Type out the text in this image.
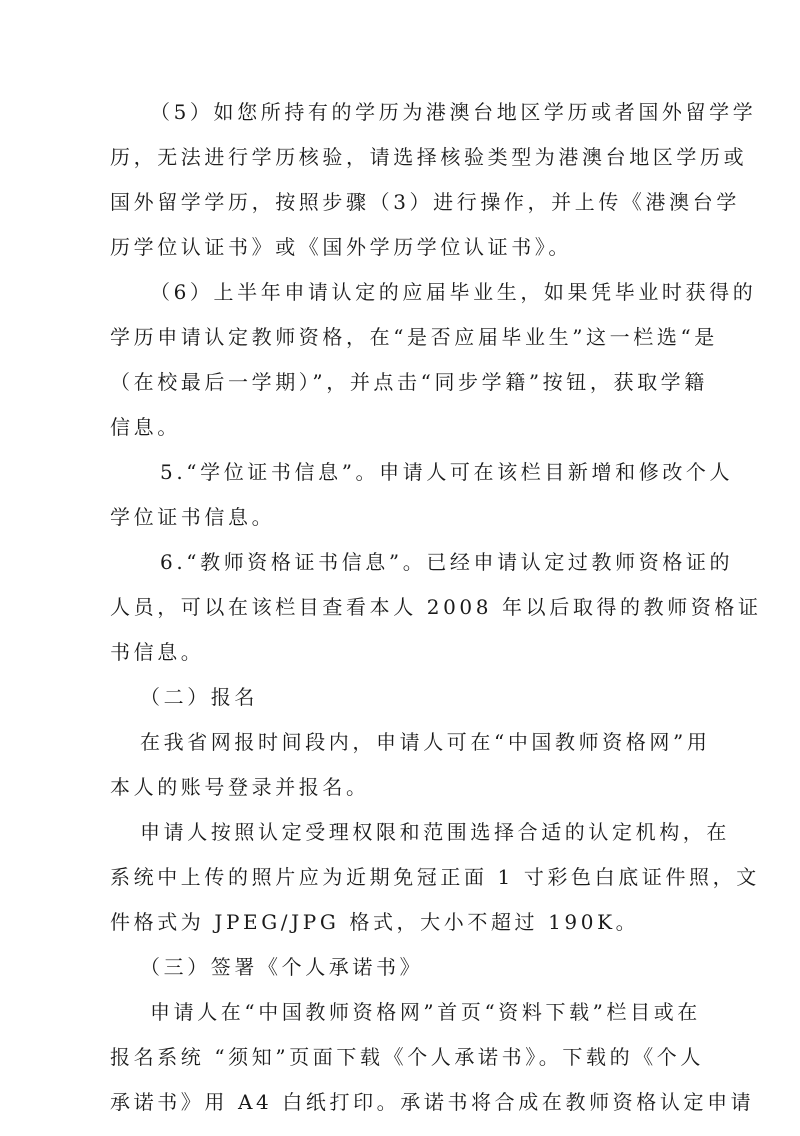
（5）如您所持有的学历为港澳台地区学历或者国外留学学
历，无法进行学历核验，请选择核验类型为港澳台地区学历或
国外留学学历，按照步骤（3）进行操作，并上传《港澳台学
历学位认证书》或《国外学历学位认证书》。
（6）上半年申请认定的应届毕业生，如果凭毕业时获得的
学历申请认定教师资格，在“是否应届毕业生”这一栏选“是
（在校最后一学期）”，并点击“同步学籍”按钮，获取学籍
信息。
5.“学位证书信息”。申请人可在该栏目新增和修改个人
学位证书信息。
6.“教师资格证书信息”。已经申请认定过教师资格证的
人员，可以在该栏目查看本人 2008 年以后取得的教师资格证
书信息。
（二）报名
在我省网报时间段内，申请人可在“中国教师资格网”用
本人的账号登录并报名。
申请人按照认定受理权限和范围选择合适的认定机构，在
系统中上传的照片应为近期免冠正面 1 寸彩色白底证件照，文
件格式为 JPEG/JPG 格式，大小不超过 190K。
（三）签署《个人承诺书》
申请人在“中国教师资格网”首页“资料下载”栏目或在
报名系统 “须知”页面下载《个人承诺书》。下载的《个人
承诺书》用 A4 白纸打印。承诺书将合成在教师资格认定申请
